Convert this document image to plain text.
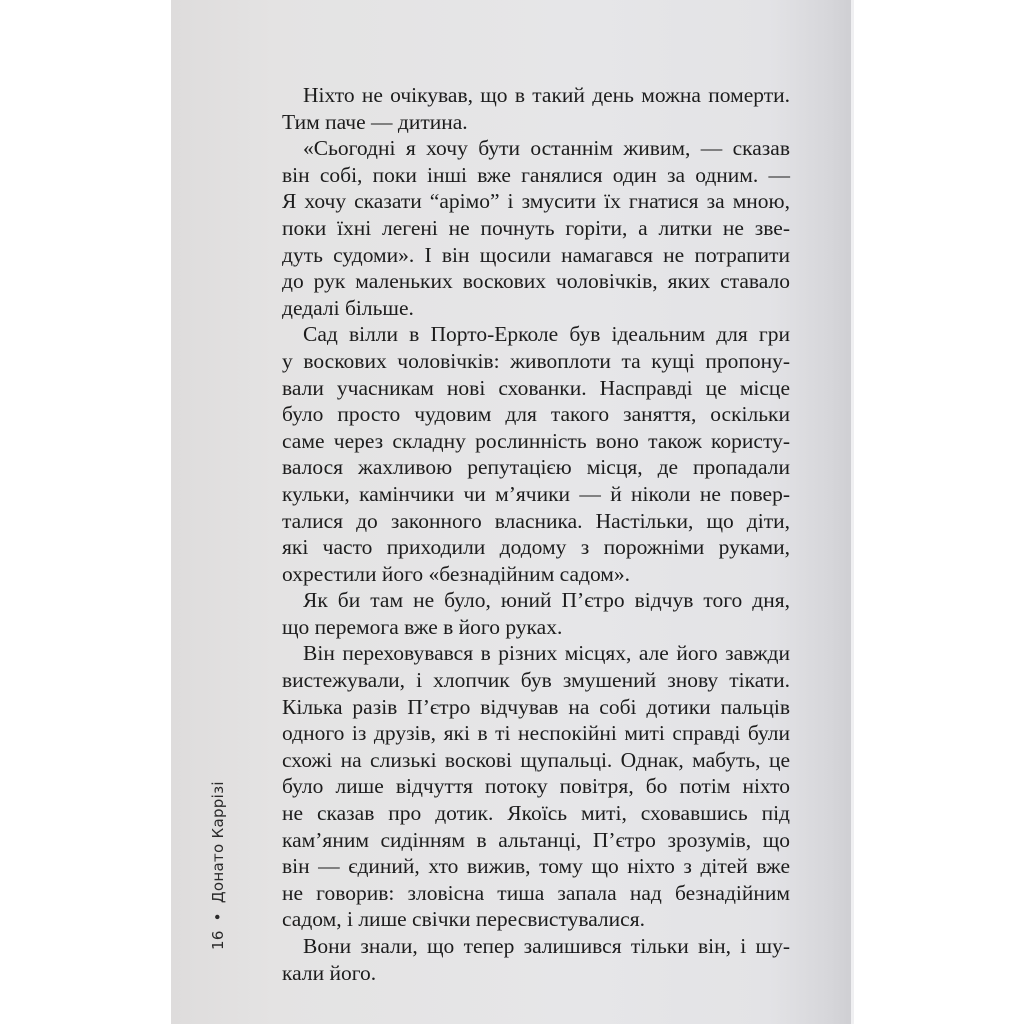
16•Донато Каррізі
Ніхто не очікував, що в такий день можна померти.
Тим паче — дитина.
«Сьогодні я хочу бути останнім живим, — сказав
він собі, поки інші вже ганялися один за одним. —
Я хочу сказати “арімо” і змусити їх гнатися за мною,
поки їхні легені не почнуть горіти, а литки не зве-
дуть судоми». І він щосили намагався не потрапити
до рук маленьких воскових чоловічків, яких ставало
дедалі більше.
Сад вілли в Порто-Ерколе був ідеальним для гри
у воскових чоловічків: живоплоти та кущі пропону-
вали учасникам нові схованки. Насправді це місце
було просто чудовим для такого заняття, оскільки
саме через складну рослинність воно також користу-
валося жахливою репутацією місця, де пропадали
кульки, камінчики чи м’ячики — й ніколи не повер-
талися до законного власника. Настільки, що діти,
які часто приходили додому з порожніми руками,
охрестили його «безнадійним садом».
Як би там не було, юний П’єтро відчув того дня,
що перемога вже в його руках.
Він переховувався в різних місцях, але його завжди
вистежували, і хлопчик був змушений знову тікати.
Кілька разів П’єтро відчував на собі дотики пальців
одного із друзів, які в ті неспокійні миті справді були
схожі на слизькі воскові щупальці. Однак, мабуть, це
було лише відчуття потоку повітря, бо потім ніхто
не сказав про дотик. Якоїсь миті, сховавшись під
кам’яним сидінням в альтанці, П’єтро зрозумів, що
він — єдиний, хто вижив, тому що ніхто з дітей вже
не говорив: зловісна тиша запала над безнадійним
садом, і лише свічки пересвистувалися.
Вони знали, що тепер залишився тільки він, і шу-
кали його.
